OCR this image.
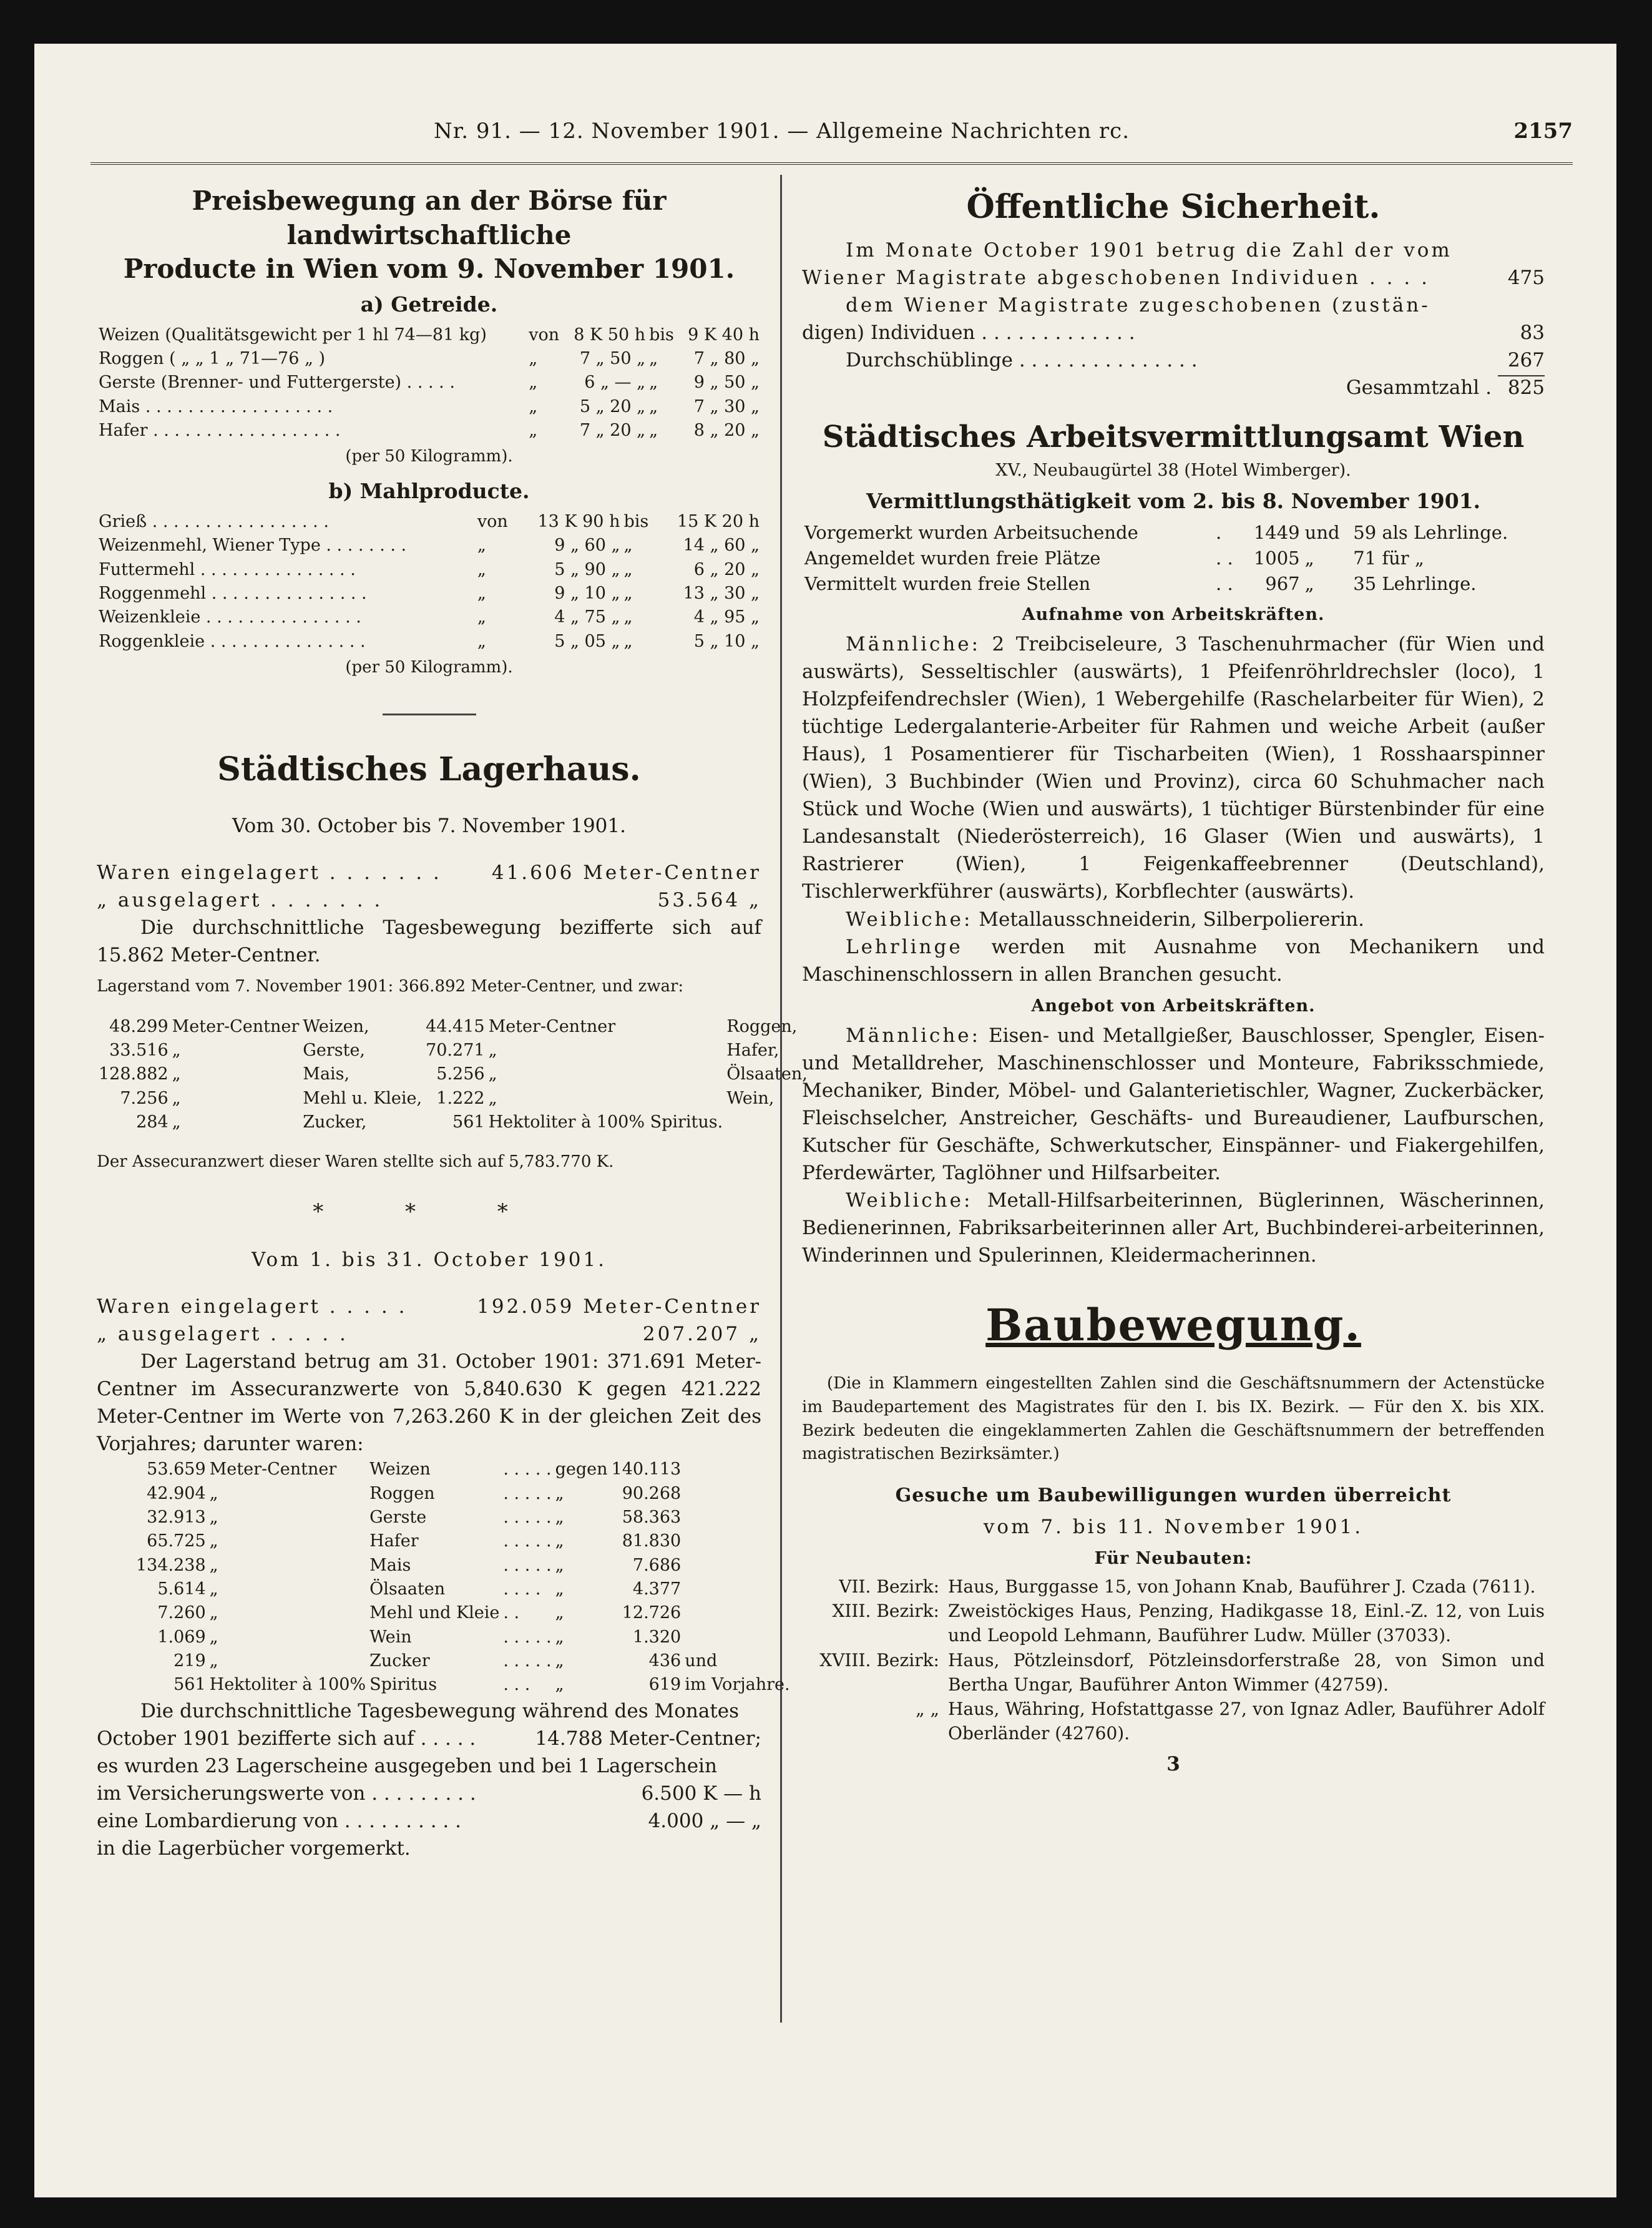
Nr. 91. — 12. November 1901. — Allgemeine Nachrichten rc.	2157

Preisbewegung an der Börse für landwirtschaftliche

Producte in Wien vom 9. November 1901.

a) Getreide.

Weizen (Qualitätsgewicht per 1 hl 74—81 kg)	von	8 K 50 h	bis	9 K 40 h
Roggen ( „ „ 1 „ 71—76 „ )	„	7 „ 50 „	„	7 „ 80 „
Gerste (Brenner- und Futtergerste) . . . . .	„	6 „ — „	„	9 „ 50 „
Mais . . . . . . . . . . . . . . . . . .	„	5 „ 20 „	„	7 „ 30 „
Hafer . . . . . . . . . . . . . . . . . .	„	7 „ 20 „	„	8 „ 20 „

(per 50 Kilogramm).

b) Mahlproducte.

Grieß . . . . . . . . . . . . . . . . .	von	13 K 90 h	bis	15 K 20 h
Weizenmehl, Wiener Type . . . . . . . .	„	9 „ 60 „	„	14 „ 60 „
Futtermehl . . . . . . . . . . . . . . .	„	5 „ 90 „	„	6 „ 20 „
Roggenmehl . . . . . . . . . . . . . . .	„	9 „ 10 „	„	13 „ 30 „
Weizenkleie . . . . . . . . . . . . . . .	„	4 „ 75 „	„	4 „ 95 „
Roggenkleie . . . . . . . . . . . . . . .	„	5 „ 05 „	„	5 „ 10 „

(per 50 Kilogramm).

Städtisches Lagerhaus.

Vom 30. October bis 7. November 1901.

Waren eingelagert . . . . . . .	41.606 Meter-Centner
„ ausgelagert . . . . . . .	53.564 „

Die durchschnittliche Tagesbewegung bezifferte sich auf 15.862 Meter-Centner.

Lagerstand vom 7. November 1901: 366.892 Meter-Centner, und zwar:

48.299	Meter-Centner	Weizen,	44.415	Meter-Centner	Roggen,
33.516	„	Gerste,	70.271	„	Hafer,
128.882	„	Mais,	5.256	„	Ölsaaten,
7.256	„	Mehl u. Kleie,	1.222	„	Wein,
284	„	Zucker,	561	Hektoliter à 100% Spiritus.	

Der Assecuranzwert dieser Waren stellte sich auf 5,783.770 K.

* * *

Vom 1. bis 31. October 1901.

Waren eingelagert . . . . .	192.059 Meter-Centner
„ ausgelagert . . . . .	207.207 „

Der Lagerstand betrug am 31. October 1901: 371.691 Meter-Centner im Assecuranzwerte von 5,840.630 K gegen 421.222 Meter-Centner im Werte von 7,263.260 K in der gleichen Zeit des Vorjahres; darunter waren:

53.659	Meter-Centner	Weizen	. . . . .	gegen	140.113	
42.904	„	Roggen	. . . . .	„	90.268	
32.913	„	Gerste	. . . . .	„	58.363	
65.725	„	Hafer	. . . . .	„	81.830	
134.238	„	Mais	. . . . .	„	7.686	
5.614	„	Ölsaaten	. . . .	„	4.377	
7.260	„	Mehl und Kleie	. .	„	12.726	
1.069	„	Wein	. . . . .	„	1.320	
219	„	Zucker	. . . . .	„	436	und
561	Hektoliter à 100%	Spiritus	. . .	„	619	im Vorjahre.
Die durchschnittliche Tagesbewegung während des Monates
October 1901 bezifferte sich auf . . . . .	14.788 Meter-Centner;
es wurden 23 Lagerscheine ausgegeben und bei 1 Lagerschein
im Versicherungswerte von . . . . . . . . .	6.500 K — h
eine Lombardierung von . . . . . . . . . .	4.000 „ — „
in die Lagerbücher vorgemerkt.

Öffentliche Sicherheit.

Im Monate October 1901 betrug die Zahl der vom

Wiener Magistrate abgeschobenen Individuen . . . .	475
dem Wiener Magistrate zugeschobenen (zustän-
digen) Individuen . . . . . . . . . . . . .	83
Durchschüblinge . . . . . . . . . . . . . . .	267
Gesammtzahl . 825

Städtisches Arbeitsvermittlungsamt Wien

XV., Neubaugürtel 38 (Hotel Wimberger).

Vermittlungsthätigkeit vom 2. bis 8. November 1901.

Vorgemerkt wurden Arbeitsuchende	.	1449	und	59 als Lehrlinge.
Angemeldet wurden freie Plätze	. .	1005	„	71 für „
Vermittelt wurden freie Stellen	. .	967	„	35 Lehrlinge.

Aufnahme von Arbeitskräften.

Männliche: 2 Treibciseleure, 3 Taschenuhrmacher (für Wien und auswärts), Sesseltischler (auswärts), 1 Pfeifenröhrldrechsler (loco), 1 Holzpfeifendrechsler (Wien), 1 Webergehilfe (Raschelarbeiter für Wien), 2 tüchtige Ledergalanterie-Arbeiter für Rahmen und weiche Arbeit (außer Haus), 1 Posamentierer für Tischarbeiten (Wien), 1 Rosshaarspinner (Wien), 3 Buchbinder (Wien und Provinz), circa 60 Schuhmacher nach Stück und Woche (Wien und auswärts), 1 tüchtiger Bürstenbinder für eine Landesanstalt (Niederösterreich), 16 Glaser (Wien und auswärts), 1 Rastrierer (Wien), 1 Feigenkaffeebrenner (Deutschland), Tischlerwerkführer (auswärts), Korbflechter (auswärts).

Weibliche: Metallausschneiderin, Silberpoliererin.

Lehrlinge werden mit Ausnahme von Mechanikern und Maschinenschlossern in allen Branchen gesucht.

Angebot von Arbeitskräften.

Männliche: Eisen- und Metallgießer, Bauschlosser, Spengler, Eisen- und Metalldreher, Maschinenschlosser und Monteure, Fabriksschmiede, Mechaniker, Binder, Möbel- und Galanterietischler, Wagner, Zuckerbäcker, Fleischselcher, Anstreicher, Geschäfts- und Bureaudiener, Laufburschen, Kutscher für Geschäfte, Schwerkutscher, Einspänner- und Fiakergehilfen, Pferdewärter, Taglöhner und Hilfsarbeiter.

Weibliche: Metall-Hilfsarbeiterinnen, Büglerinnen, Wäscherinnen, Bedienerinnen, Fabriksarbeiterinnen aller Art, Buchbinderei-arbeiterinnen, Winderinnen und Spulerinnen, Kleidermacherinnen.

Baubewegung.

(Die in Klammern eingestellten Zahlen sind die Geschäftsnummern der Actenstücke im Baudepartement des Magistrates für den I. bis IX. Bezirk. — Für den X. bis XIX. Bezirk bedeuten die eingeklammerten Zahlen die Geschäftsnummern der betreffenden magistratischen Bezirksämter.)

Gesuche um Baubewilligungen wurden überreicht

vom 7. bis 11. November 1901.

Für Neubauten:

VII. Bezirk: Haus, Burggasse 15, von Johann Knab, Bauführer J. Czada (7611).
XIII. Bezirk: Zweistöckiges Haus, Penzing, Hadikgasse 18, Einl.-Z. 12, von Luis und Leopold Lehmann, Bauführer Ludw. Müller (37033).
XVIII. Bezirk: Haus, Pötzleinsdorf, Pötzleinsdorferstraße 28, von Simon und Bertha Ungar, Bauführer Anton Wimmer (42759).
„ „ Haus, Währing, Hofstattgasse 27, von Ignaz Adler, Bauführer Adolf Oberländer (42760).
3
